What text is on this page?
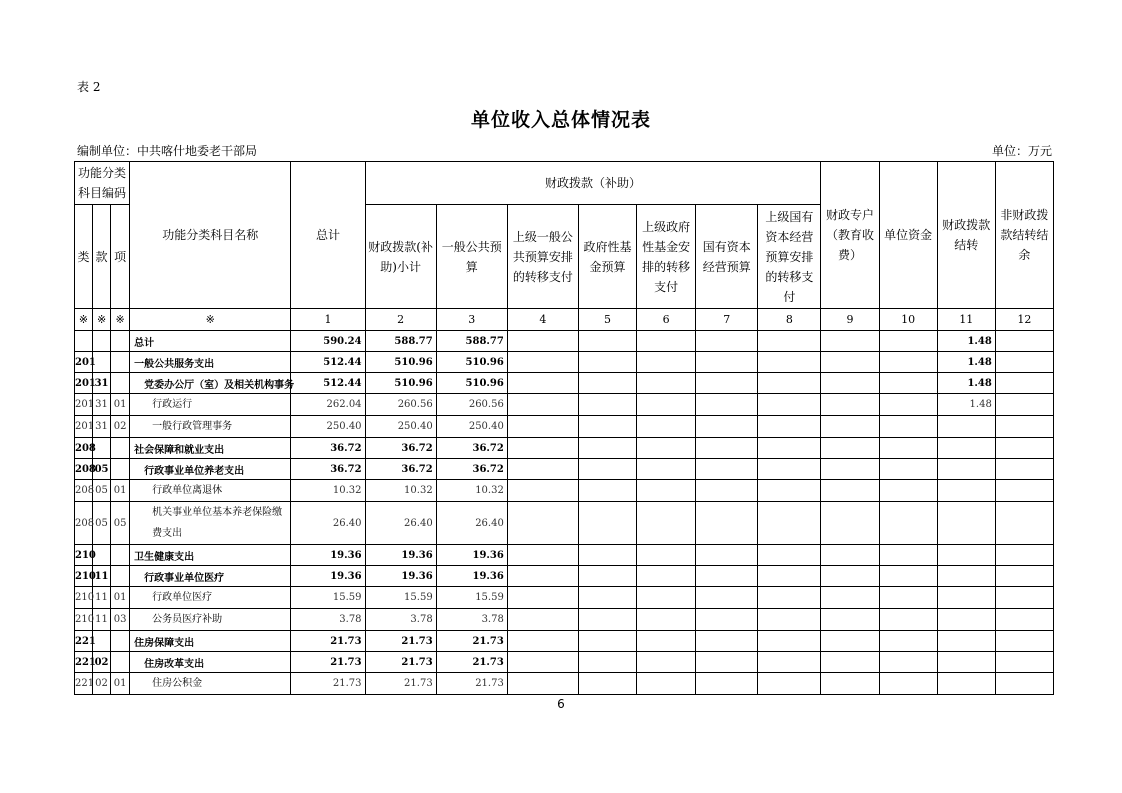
表 2
单位收入总体情况表
编制单位：中共喀什地委老干部局	单位：万元
功能分类科目编码			功能分类科目名称	总计	财政拨款（补助）							财政专户（教育收费）	单位资金	财政拨款结转	非财政拨款结转结余
类	款	项			财政拨款(补助)小计	一般公共预算	上级一般公共预算安排的转移支付	政府性基金预算	上级政府性基金安排的转移支付	国有资本经营预算	上级国有资本经营预算安排的转移支付				
※	※	※	※	1	2	3	4	5	6	7	8	9	10	11	12
			总计	590.24	588.77	588.77								1.48	
201			一般公共服务支出	512.44	510.96	510.96								1.48	
201	31		党委办公厅（室）及相关机构事务	512.44	510.96	510.96								1.48	
201	31	01	行政运行	262.04	260.56	260.56								1.48	
201	31	02	一般行政管理事务	250.40	250.40	250.40									
208			社会保障和就业支出	36.72	36.72	36.72									
208	05		行政事业单位养老支出	36.72	36.72	36.72									
208	05	01	行政单位离退休	10.32	10.32	10.32									
208	05	05	机关事业单位基本养老保险缴费支出	26.40	26.40	26.40									
210			卫生健康支出	19.36	19.36	19.36									
210	11		行政事业单位医疗	19.36	19.36	19.36									
210	11	01	行政单位医疗	15.59	15.59	15.59									
210	11	03	公务员医疗补助	3.78	3.78	3.78									
221			住房保障支出	21.73	21.73	21.73									
221	02		住房改革支出	21.73	21.73	21.73									
221	02	01	住房公积金	21.73	21.73	21.73									
6
